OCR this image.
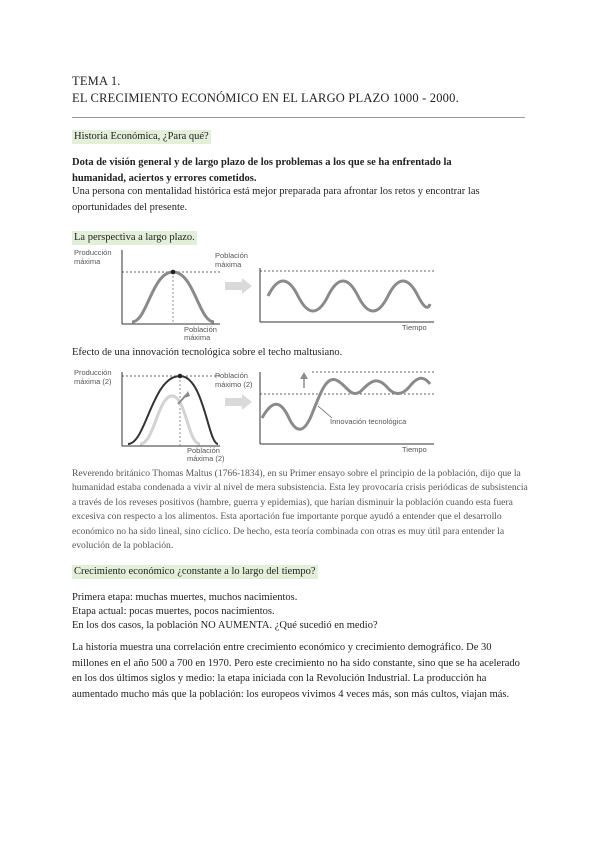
TEMA 1.
EL CRECIMIENTO ECONÓMICO EN EL LARGO PLAZO 1000 - 2000.
Historia Económica, ¿Para qué?
Dota de visión general y de largo plazo de los problemas a los que se ha enfrentado la humanidad, aciertos y errores cometidos.
Una persona con mentalidad histórica está mejor preparada para afrontar los retos y encontrar las oportunidades del presente.
La perspectiva a largo plazo.
Producción
máxima
Población
máxima
Población
máxima
Tiempo
Efecto de una innovación tecnológica sobre el techo maltusiano.
Producción
máxima (2)
Población
máxima (2)
Población
máximo (2)
Innovación tecnológica
Tiempo
Reverendo británico Thomas Maltus (1766-1834), en su Primer ensayo sobre el principio de la población, dijo que la humanidad estaba condenada a vivir al nivel de mera subsistencia. Esta ley provocaría crisis periódicas de subsistencia a través de los reveses positivos (hambre, guerra y epidemias), que harían disminuir la población cuando esta fuera excesiva con respecto a los alimentos. Esta aportación fue importante porque ayudó a entender que el desarrollo económico no ha sido lineal, sino cíclico. De hecho, esta teoría combinada con otras es muy útil para entender la evolución de la población.
Crecimiento económico ¿constante a lo largo del tiempo?
Primera etapa: muchas muertes, muchos nacimientos.
Etapa actual: pocas muertes, pocos nacimientos.
En los dos casos, la población NO AUMENTA. ¿Qué sucedió en medio?
La historia muestra una correlación entre crecimiento económico y crecimiento demográfico. De 30 millones en el año 500 a 700 en 1970. Pero este crecimiento no ha sido constante, sino que se ha acelerado en los dos últimos siglos y medio: la etapa iniciada con la Revolución Industrial. La producción ha aumentado mucho más que la población: los europeos vivimos 4 veces más, son más cultos, viajan más.
